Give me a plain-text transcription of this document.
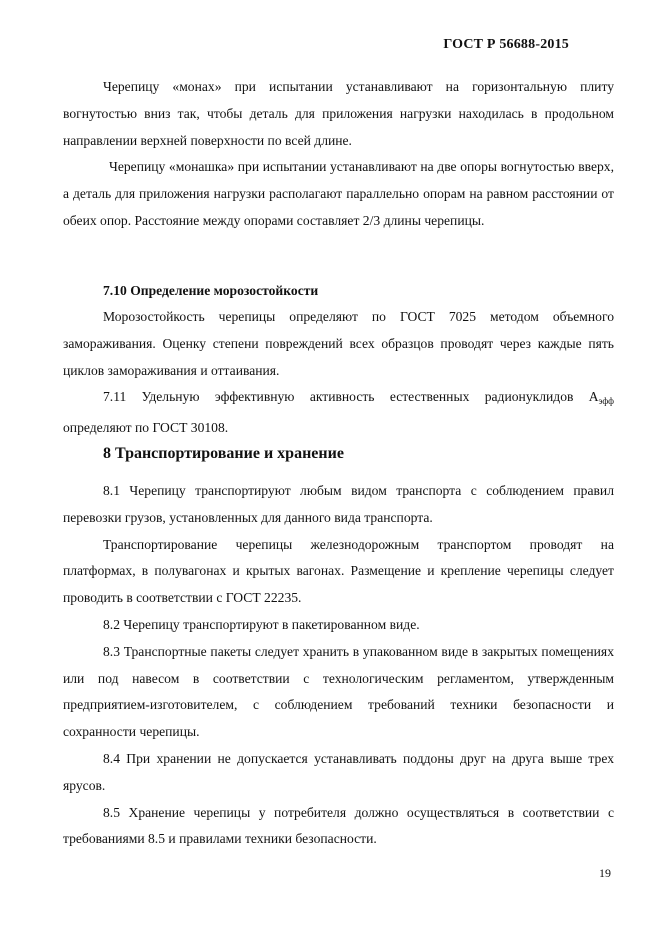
ГОСТ Р 56688-2015

Черепицу «монах» при испытании устанавливают на горизонтальную плиту вогнутостью вниз так, чтобы деталь для приложения нагрузки находилась в продольном направлении верхней поверхности по всей длине.

Черепицу «монашка» при испытании устанавливают на две опоры вогнутостью вверх, а деталь для приложения нагрузки располагают параллельно опорам на равном расстоянии от обеих опор. Расстояние между опорами составляет 2/3 длины черепицы.

7.10 Определение морозостойкости

Морозостойкость черепицы определяют по ГОСТ 7025 методом объемного замораживания. Оценку степени повреждений всех образцов проводят через каждые пять циклов замораживания и оттаивания.

7.11 Удельную эффективную активность естественных радионуклидов $А_{эфф}$ определяют по ГОСТ 30108.

8 Транспортирование и хранение

8.1 Черепицу транспортируют любым видом транспорта с соблюдением правил перевозки грузов, установленных для данного вида транспорта.

Транспортирование черепицы железнодорожным транспортом проводят на платформах, в полувагонах и крытых вагонах. Размещение и крепление черепицы следует проводить в соответствии с ГОСТ 22235.

8.2 Черепицу транспортируют в пакетированном виде.

8.3 Транспортные пакеты следует хранить в упакованном виде в закрытых помещениях или под навесом в соответствии с технологическим регламентом, утвержденным предприятием-изготовителем, с соблюдением требований техники безопасности и сохранности черепицы.

8.4 При хранении не допускается устанавливать поддоны друг на друга выше трех ярусов.

8.5 Хранение черепицы у потребителя должно осуществляться в соответствии с требованиями 8.5 и правилами техники безопасности.

19
